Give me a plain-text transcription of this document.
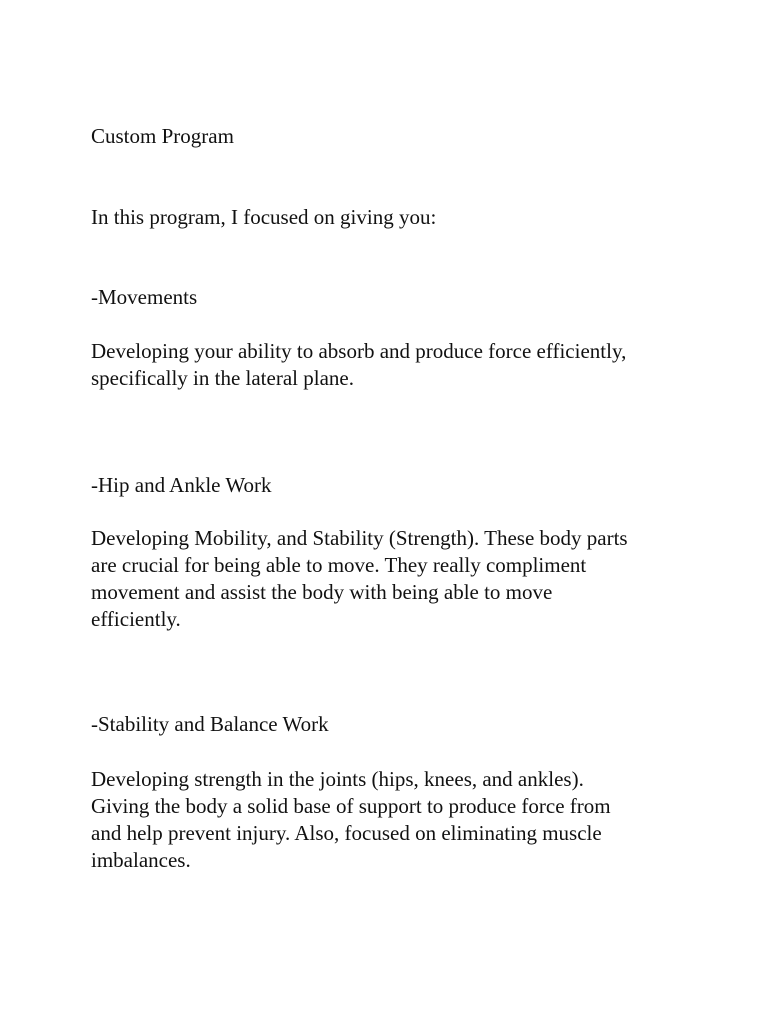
Custom Program

In this program, I focused on giving you:

-Movements

Developing your ability to absorb and produce force efficiently,
specifically in the lateral plane.

-Hip and Ankle Work

Developing Mobility, and Stability (Strength). These body parts
are crucial for being able to move. They really compliment
movement and assist the body with being able to move
efficiently.

-Stability and Balance Work

Developing strength in the joints (hips, knees, and ankles).
Giving the body a solid base of support to produce force from
and help prevent injury. Also, focused on eliminating muscle
imbalances.
